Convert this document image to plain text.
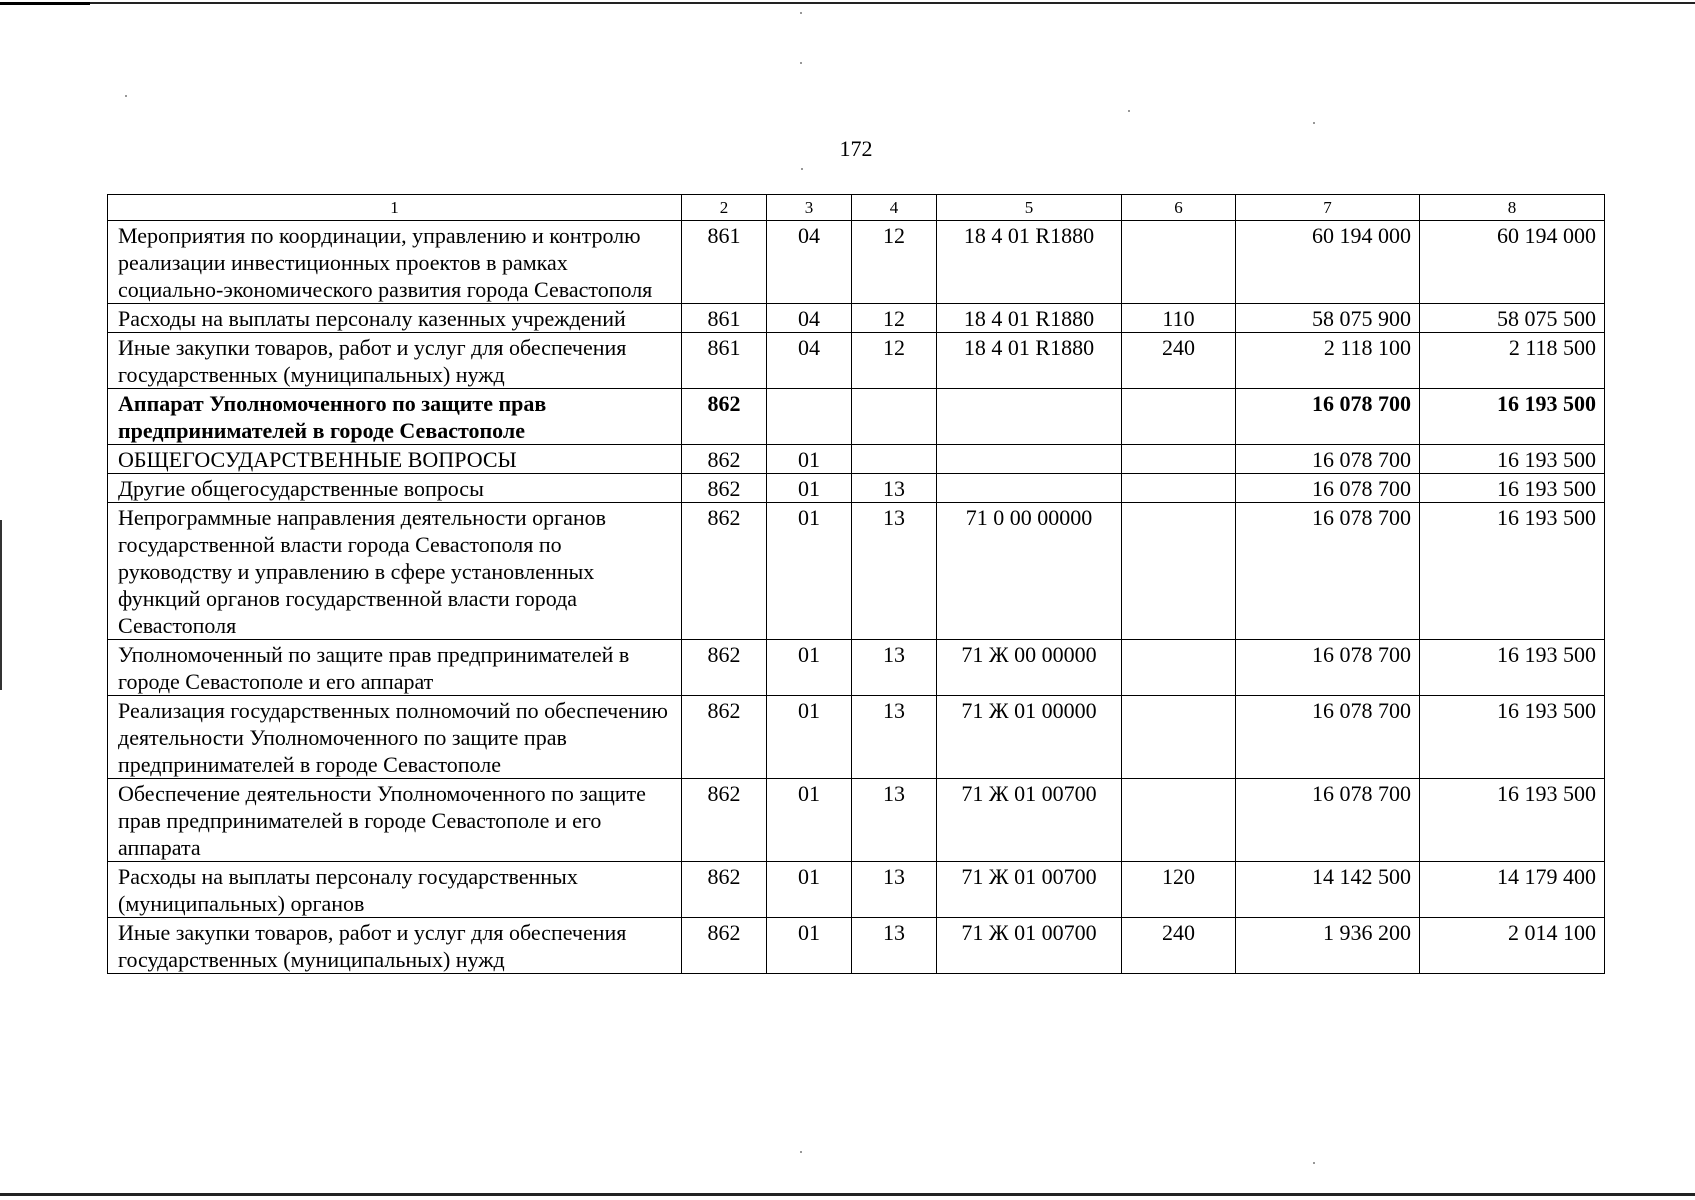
172
1	2	3	4	5	6	7	8
Мероприятия по координации, управлению и контролю реализации инвестиционных проектов в рамках социально-экономического развития города Севастополя	861	04	12	18 4 01 R1880		60 194 000	60 194 000
Расходы на выплаты персоналу казенных учреждений	861	04	12	18 4 01 R1880	110	58 075 900	58 075 500
Иные закупки товаров, работ и услуг для обеспечения государственных (муниципальных) нужд	861	04	12	18 4 01 R1880	240	2 118 100	2 118 500
Аппарат Уполномоченного по защите прав предпринимателей в городе Севастополе	862					16 078 700	16 193 500
ОБЩЕГОСУДАРСТВЕННЫЕ ВОПРОСЫ	862	01				16 078 700	16 193 500
Другие общегосударственные вопросы	862	01	13			16 078 700	16 193 500
Непрограммные направления деятельности органов государственной власти города Севастополя по руководству и управлению в сфере установленных функций органов государственной власти города Севастополя	862	01	13	71 0 00 00000		16 078 700	16 193 500
Уполномоченный по защите прав предпринимателей в городе Севастополе и его аппарат	862	01	13	71 Ж 00 00000		16 078 700	16 193 500
Реализация государственных полномочий по обеспечению деятельности Уполномоченного по защите прав предпринимателей в городе Севастополе	862	01	13	71 Ж 01 00000		16 078 700	16 193 500
Обеспечение деятельности Уполномоченного по защите прав предпринимателей в городе Севастополе и его аппарата	862	01	13	71 Ж 01 00700		16 078 700	16 193 500
Расходы на выплаты персоналу государственных (муниципальных) органов	862	01	13	71 Ж 01 00700	120	14 142 500	14 179 400
Иные закупки товаров, работ и услуг для обеспечения государственных (муниципальных) нужд	862	01	13	71 Ж 01 00700	240	1 936 200	2 014 100
